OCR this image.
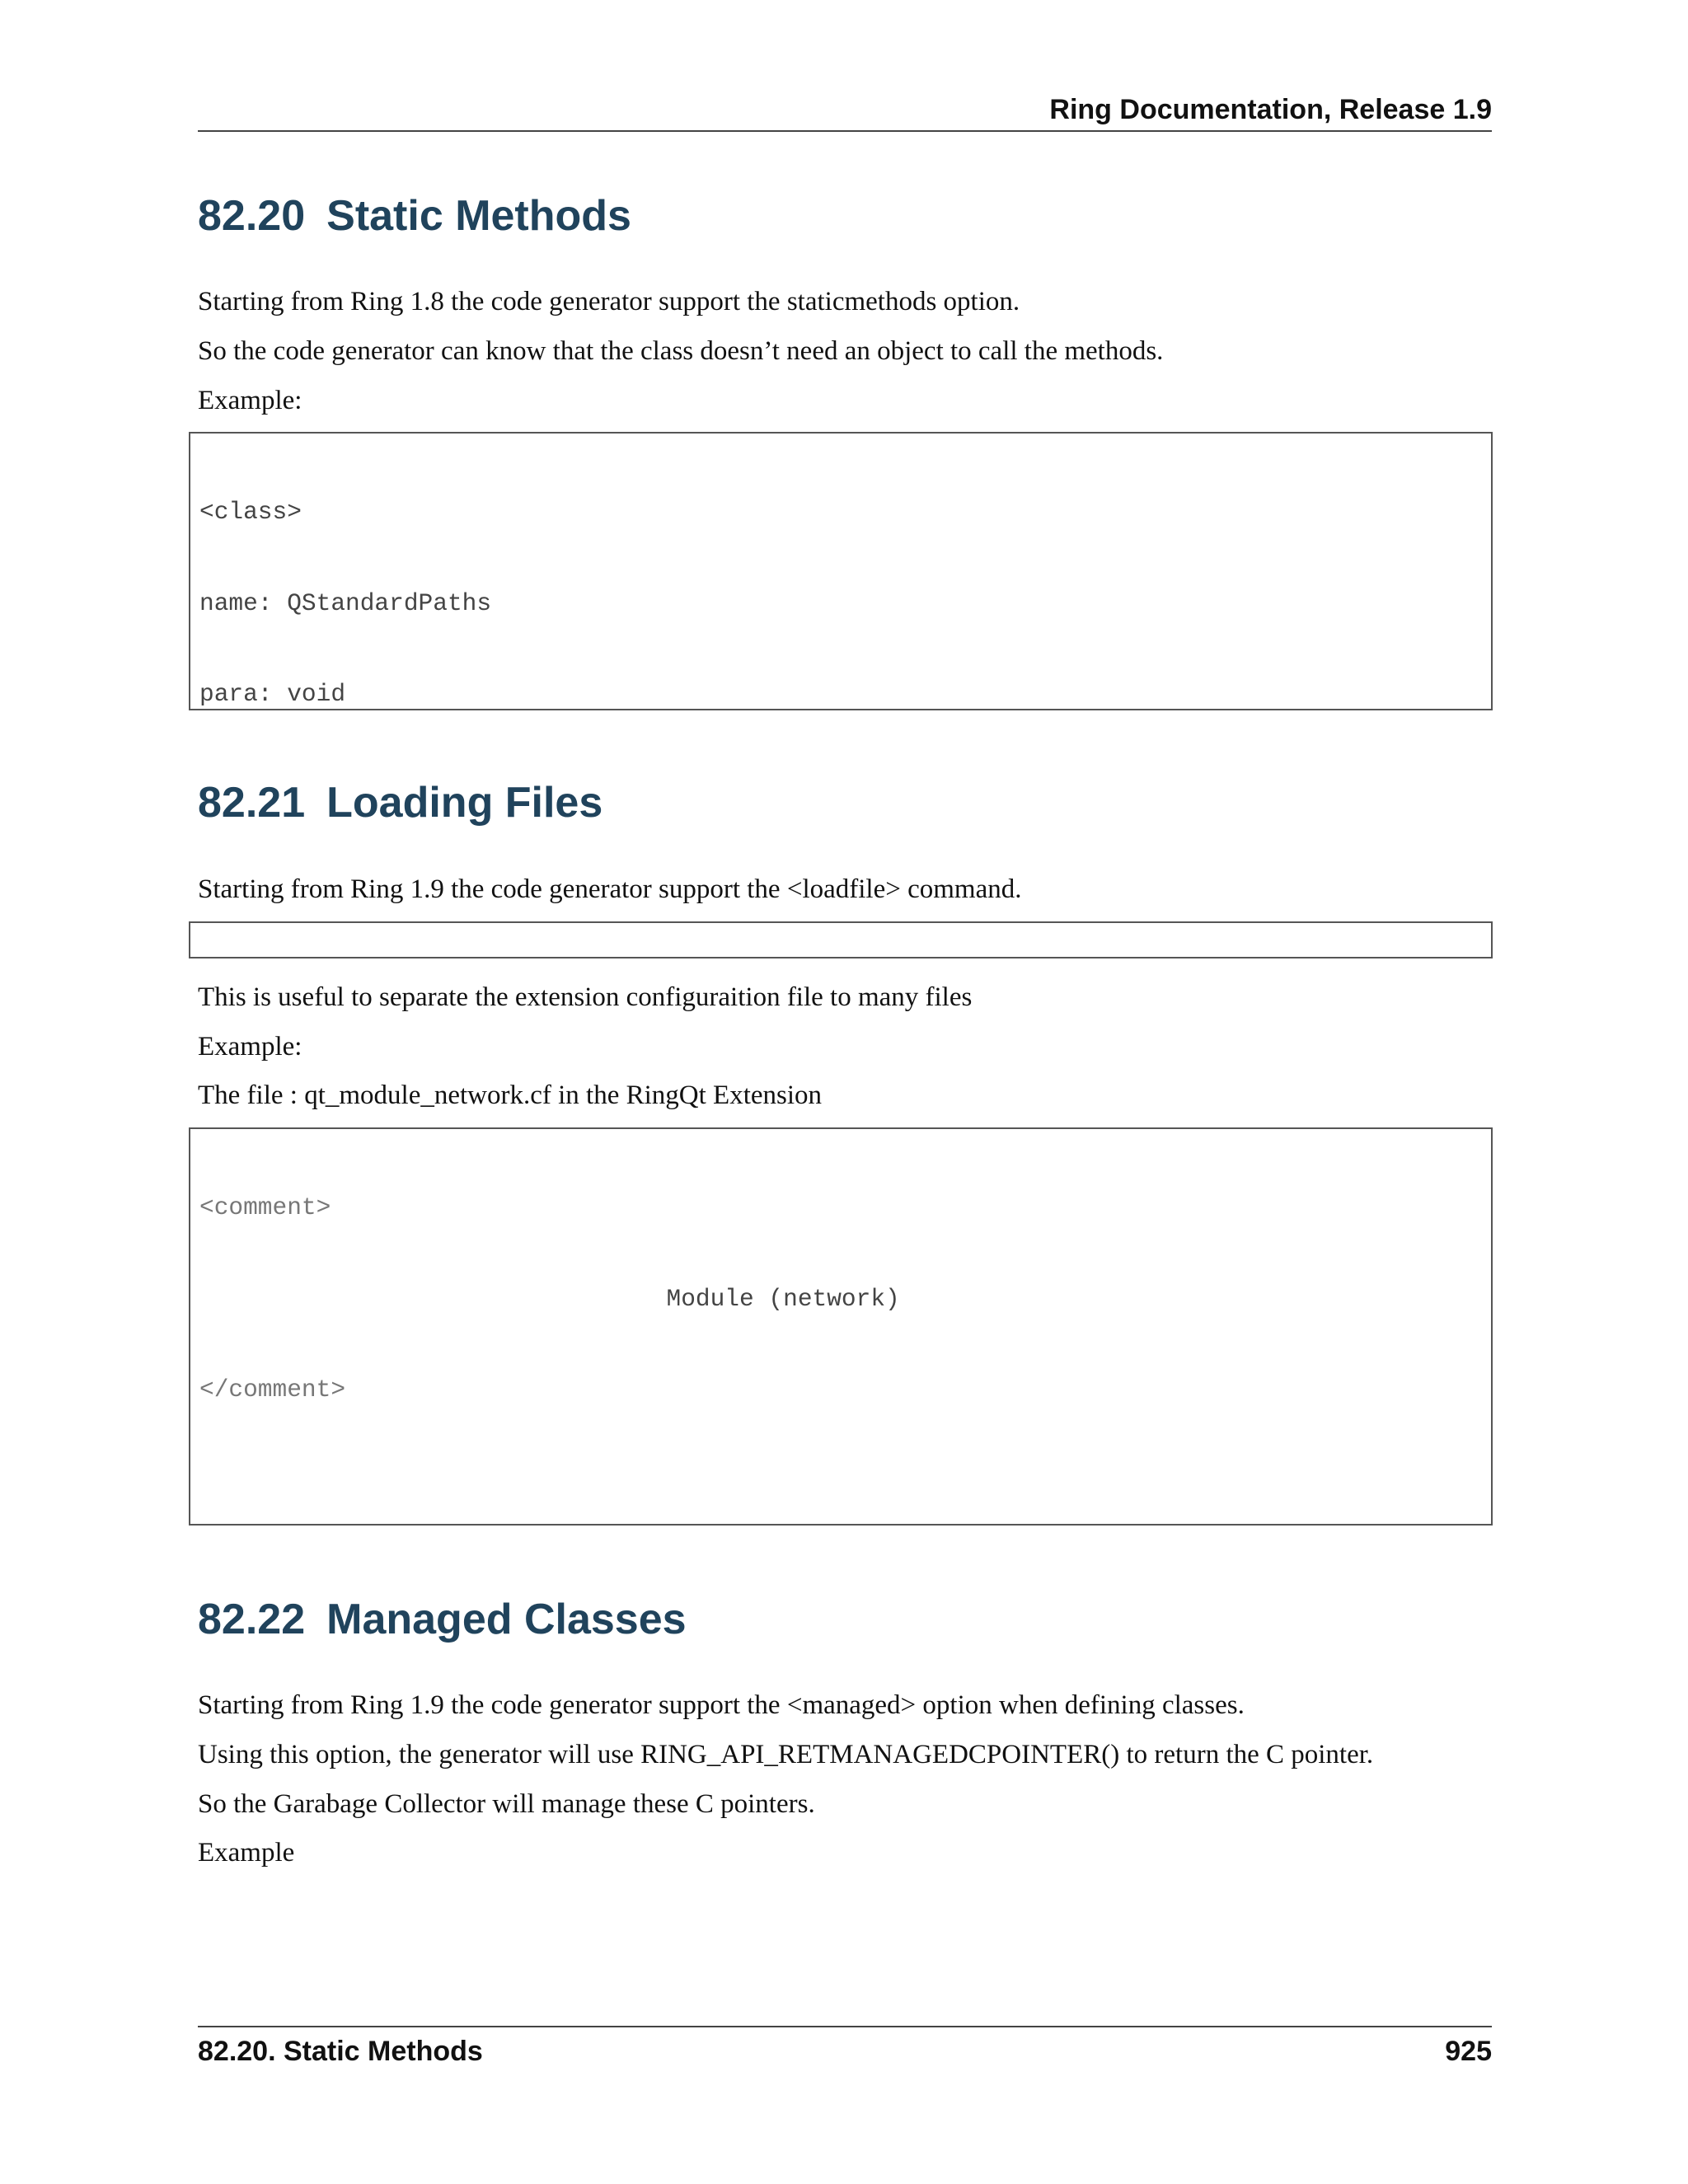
Ring Documentation, Release 1.9
82.20 Static Methods

Starting from Ring 1.8 the code generator support the staticmethods option.

So the code generator can know that the class doesn’t need an object to call the methods.

Example:

<class>

name: QStandardPaths

para: void

82.21 Loading Files

Starting from Ring 1.9 the code generator support the <loadfile> command.

This is useful to separate the extension configuraition file to many files

Example:

The file : qt_module_network.cf in the RingQt Extension

<comment>

Module (network)

</comment>

82.22 Managed Classes

Starting from Ring 1.9 the code generator support the <managed> option when defining classes.

Using this option, the generator will use RING_API_RETMANAGEDCPOINTER() to return the C pointer.

So the Garabage Collector will manage these C pointers.

Example

82.20. Static Methods	925
